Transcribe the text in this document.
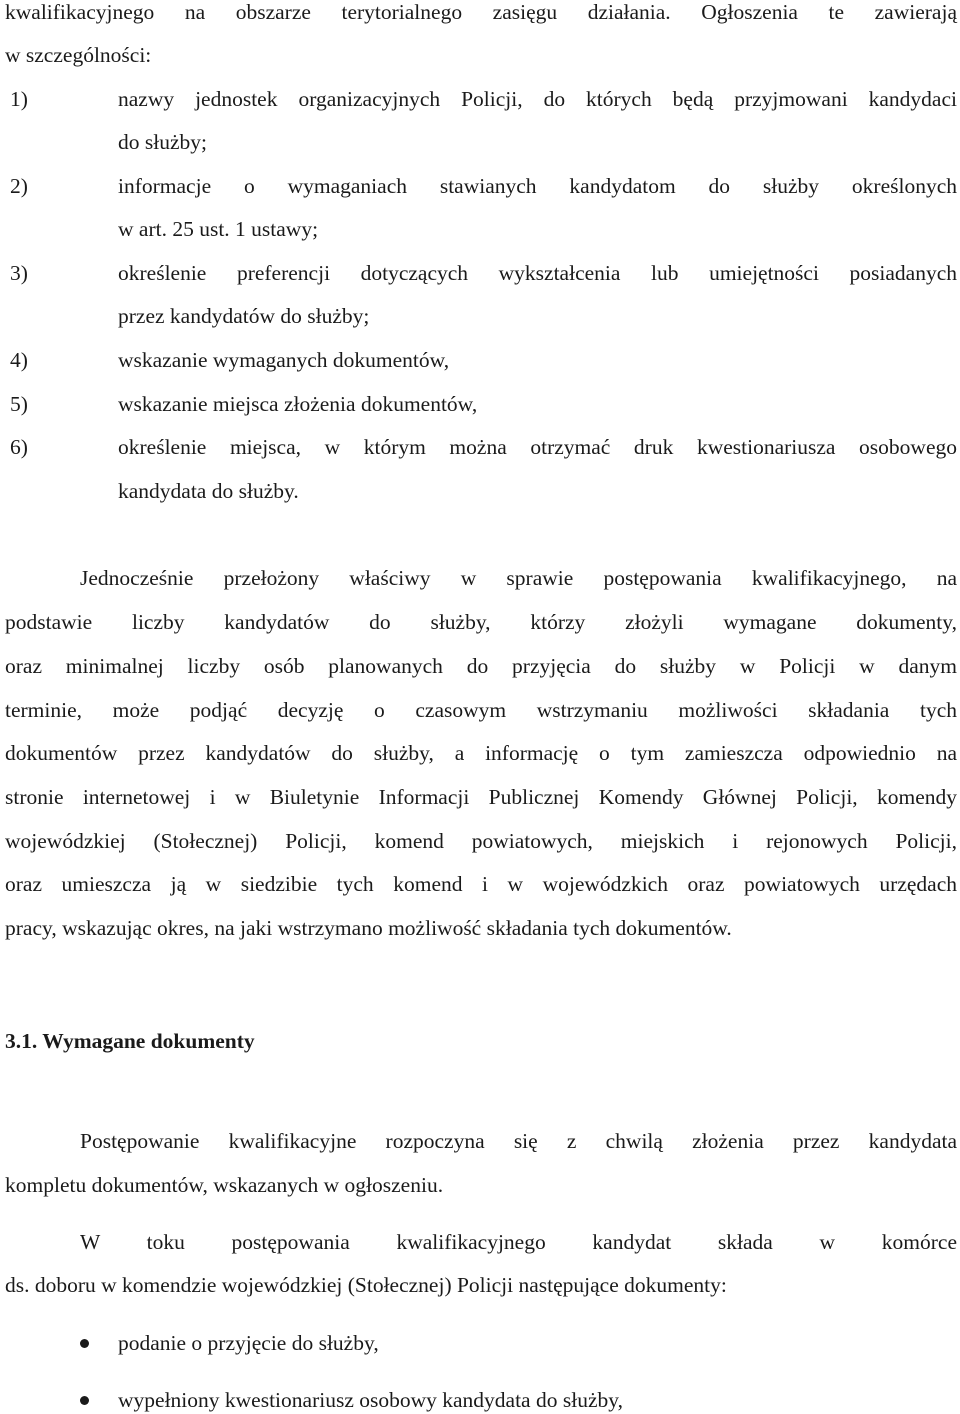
kwalifikacyjnego na obszarze terytorialnego zasięgu działania. Ogłoszenia te zawierają
w szczególności:
1)	nazwy jednostek organizacyjnych Policji, do których będą przyjmowani kandydaci
do służby;
2)	informacje o wymaganiach stawianych kandydatom do służby określonych
w art. 25 ust. 1 ustawy;
3)	określenie preferencji dotyczących wykształcenia lub umiejętności posiadanych
przez kandydatów do służby;
4)	wskazanie wymaganych dokumentów,
5)	wskazanie miejsca złożenia dokumentów,
6)	określenie miejsca, w którym można otrzymać druk kwestionariusza osobowego
kandydata do służby.
Jednocześnie przełożony właściwy w sprawie postępowania kwalifikacyjnego, na
podstawie liczby kandydatów do służby, którzy złożyli wymagane dokumenty,
oraz minimalnej liczby osób planowanych do przyjęcia do służby w Policji w danym
terminie, może podjąć decyzję o czasowym wstrzymaniu możliwości składania tych
dokumentów przez kandydatów do służby, a informację o tym zamieszcza odpowiednio na
stronie internetowej i w Biuletynie Informacji Publicznej Komendy Głównej Policji, komendy
wojewódzkiej (Stołecznej) Policji, komend powiatowych, miejskich i rejonowych Policji,
oraz umieszcza ją w siedzibie tych komend i w wojewódzkich oraz powiatowych urzędach
pracy, wskazując okres, na jaki wstrzymano możliwość składania tych dokumentów.
3.1. Wymagane dokumenty
Postępowanie kwalifikacyjne rozpoczyna się z chwilą złożenia przez kandydata
kompletu dokumentów, wskazanych w ogłoszeniu.
W toku postępowania kwalifikacyjnego kandydat składa w komórce
ds. doboru w komendzie wojewódzkiej (Stołecznej) Policji następujące dokumenty:
podanie o przyjęcie do służby,
wypełniony kwestionariusz osobowy kandydata do służby,
